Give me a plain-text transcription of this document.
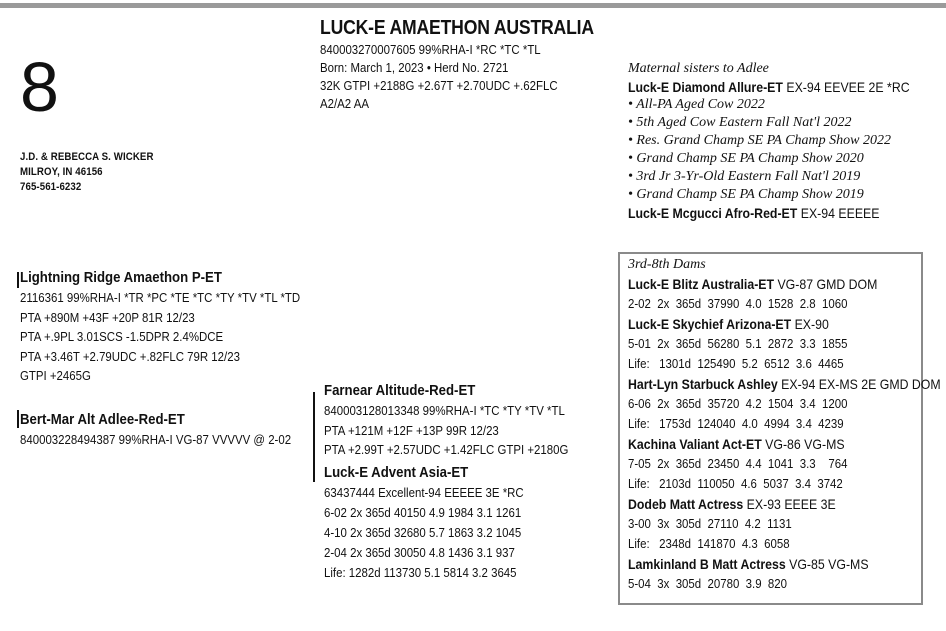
8
J.D. & REBECCA S. WICKER
MILROY, IN 46156
765-561-6232
LUCK-E AMAETHON AUSTRALIA
840003270007605 99%RHA-I *RC *TC *TL
Born: March 1, 2023 • Herd No. 2721
32K GTPI +2188G +2.67T +2.70UDC +.62FLC
A2/A2 AA
Maternal sisters to Adlee
Luck-E Diamond Allure-ET EX-94 EEVEE 2E *RC
• All-PA Aged Cow 2022
• 5th Aged Cow Eastern Fall Nat'l 2022
• Res. Grand Champ SE PA Champ Show 2022
• Grand Champ SE PA Champ Show 2020
• 3rd Jr 3-Yr-Old Eastern Fall Nat'l 2019
• Grand Champ SE PA Champ Show 2019
Luck-E Mcgucci Afro-Red-ET EX-94 EEEEE
Lightning Ridge Amaethon P-ET
2116361 99%RHA-I *TR *PC *TE *TC *TY *TV *TL *TD
PTA +890M +43F +20P 81R 12/23
PTA +.9PL 3.01SCS -1.5DPR 2.4%DCE
PTA +3.46T +2.79UDC +.82FLC 79R 12/23
GTPI +2465G
Bert-Mar Alt Adlee-Red-ET
840003228494387 99%RHA-I VG-87 VVVVV @ 2-02
Farnear Altitude-Red-ET
840003128013348 99%RHA-I *TC *TY *TV *TL
PTA +121M +12F +13P 99R 12/23
PTA +2.99T +2.57UDC +1.42FLC GTPI +2180G
Luck-E Advent Asia-ET
63437444 Excellent-94 EEEEE 3E *RC
6-02 2x 365d 40150 4.9 1984 3.1 1261
4-10 2x 365d 32680 5.7 1863 3.2 1045
2-04 2x 365d 30050 4.8 1436 3.1 937
Life: 1282d 113730 5.1 5814 3.2 3645
3rd-8th Dams
Luck-E Blitz Australia-ET VG-87 GMD DOM
2-02  2x  365d  37990  4.0  1528  2.8  1060
Luck-E Skychief Arizona-ET EX-90
5-01  2x  365d  56280  5.1  2872  3.3  1855
Life:   1301d  125490  5.2  6512  3.6  4465
Hart-Lyn Starbuck Ashley EX-94 EX-MS 2E GMD DOM
6-06  2x  365d  35720  4.2  1504  3.4  1200
Life:   1753d  124040  4.0  4994  3.4  4239
Kachina Valiant Act-ET VG-86 VG-MS
7-05  2x  365d  23450  4.4  1041  3.3    764
Life:   2103d  110050  4.6  5037  3.4  3742
Dodeb Matt Actress EX-93 EEEE 3E
3-00  3x  305d  27110  4.2  1131
Life:   2348d  141870  4.3  6058
Lamkinland B Matt Actress VG-85 VG-MS
5-04  3x  305d  20780  3.9  820
